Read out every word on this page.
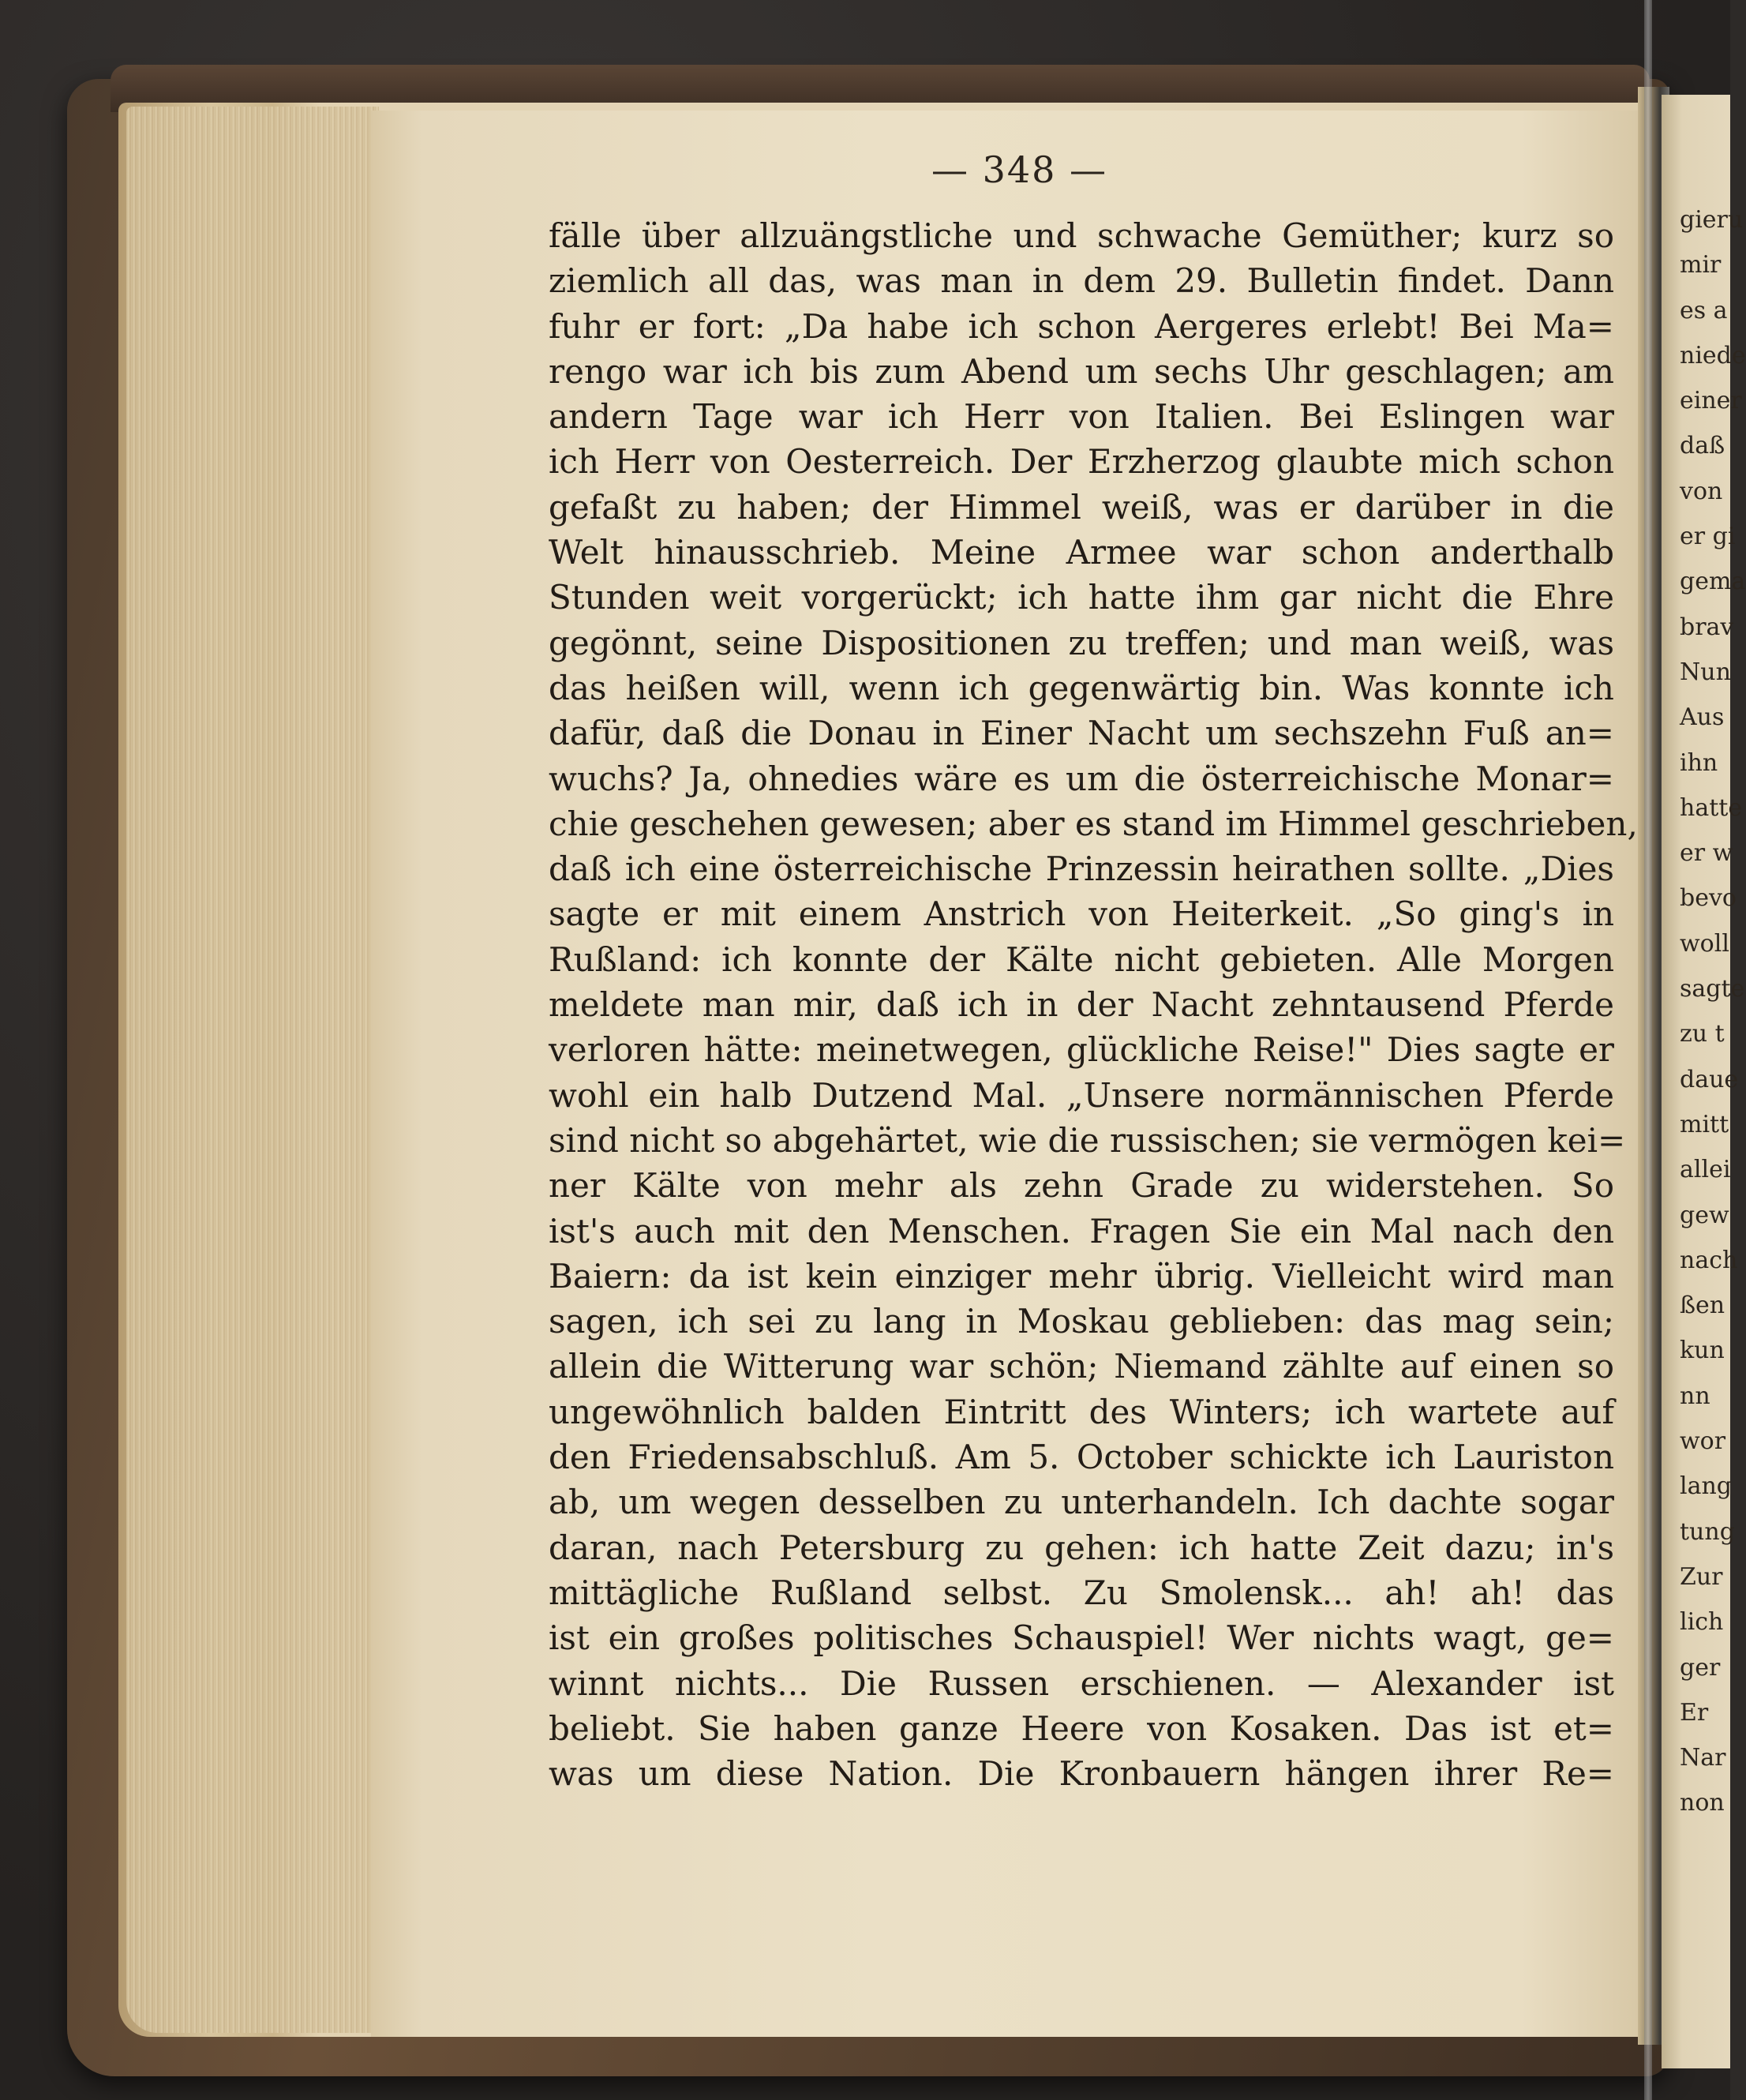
— 348 —
fälle über allzuängstliche und schwache Gemüther; kurz so
ziemlich all das, was man in dem 29. Bulletin findet. Dann
fuhr er fort: „Da habe ich schon Aergeres erlebt! Bei Ma=
rengo war ich bis zum Abend um sechs Uhr geschlagen; am
andern Tage war ich Herr von Italien. Bei Eslingen war
ich Herr von Oesterreich. Der Erzherzog glaubte mich schon
gefaßt zu haben; der Himmel weiß, was er darüber in die
Welt hinausschrieb. Meine Armee war schon anderthalb
Stunden weit vorgerückt; ich hatte ihm gar nicht die Ehre
gegönnt, seine Dispositionen zu treffen; und man weiß, was
das heißen will, wenn ich gegenwärtig bin. Was konnte ich
dafür, daß die Donau in Einer Nacht um sechszehn Fuß an=
wuchs? Ja, ohnedies wäre es um die österreichische Monar=
chie geschehen gewesen; aber es stand im Himmel geschrieben,
daß ich eine österreichische Prinzessin heirathen sollte. „Dies
sagte er mit einem Anstrich von Heiterkeit. „So ging's in
Rußland: ich konnte der Kälte nicht gebieten. Alle Morgen
meldete man mir, daß ich in der Nacht zehntausend Pferde
verloren hätte: meinetwegen, glückliche Reise!" Dies sagte er
wohl ein halb Dutzend Mal. „Unsere normännischen Pferde
sind nicht so abgehärtet, wie die russischen; sie vermögen kei=
ner Kälte von mehr als zehn Grade zu widerstehen. So
ist's auch mit den Menschen. Fragen Sie ein Mal nach den
Baiern: da ist kein einziger mehr übrig. Vielleicht wird man
sagen, ich sei zu lang in Moskau geblieben: das mag sein;
allein die Witterung war schön; Niemand zählte auf einen so
ungewöhnlich balden Eintritt des Winters; ich wartete auf
den Friedensabschluß. Am 5. October schickte ich Lauriston
ab, um wegen desselben zu unterhandeln. Ich dachte sogar
daran, nach Petersburg zu gehen: ich hatte Zeit dazu; in's
mittägliche Rußland selbst. Zu Smolensk... ah! ah! das
ist ein großes politisches Schauspiel! Wer nichts wagt, ge=
winnt nichts... Die Russen erschienen. — Alexander ist
beliebt. Sie haben ganze Heere von Kosaken. Das ist et=
was um diese Nation. Die Kronbauern hängen ihrer Re=
gieru
mir
es a
niede
einer
daß
von
er gi
gema
brav
Nun
Aus
ihn
hatte
er w
bevo
woll
sagte
zu t
daue
mitt
allei
gew
nach
ßen
kun
nn
wor
lang
tung
Zur
lich
ger
Er
Nar
non
